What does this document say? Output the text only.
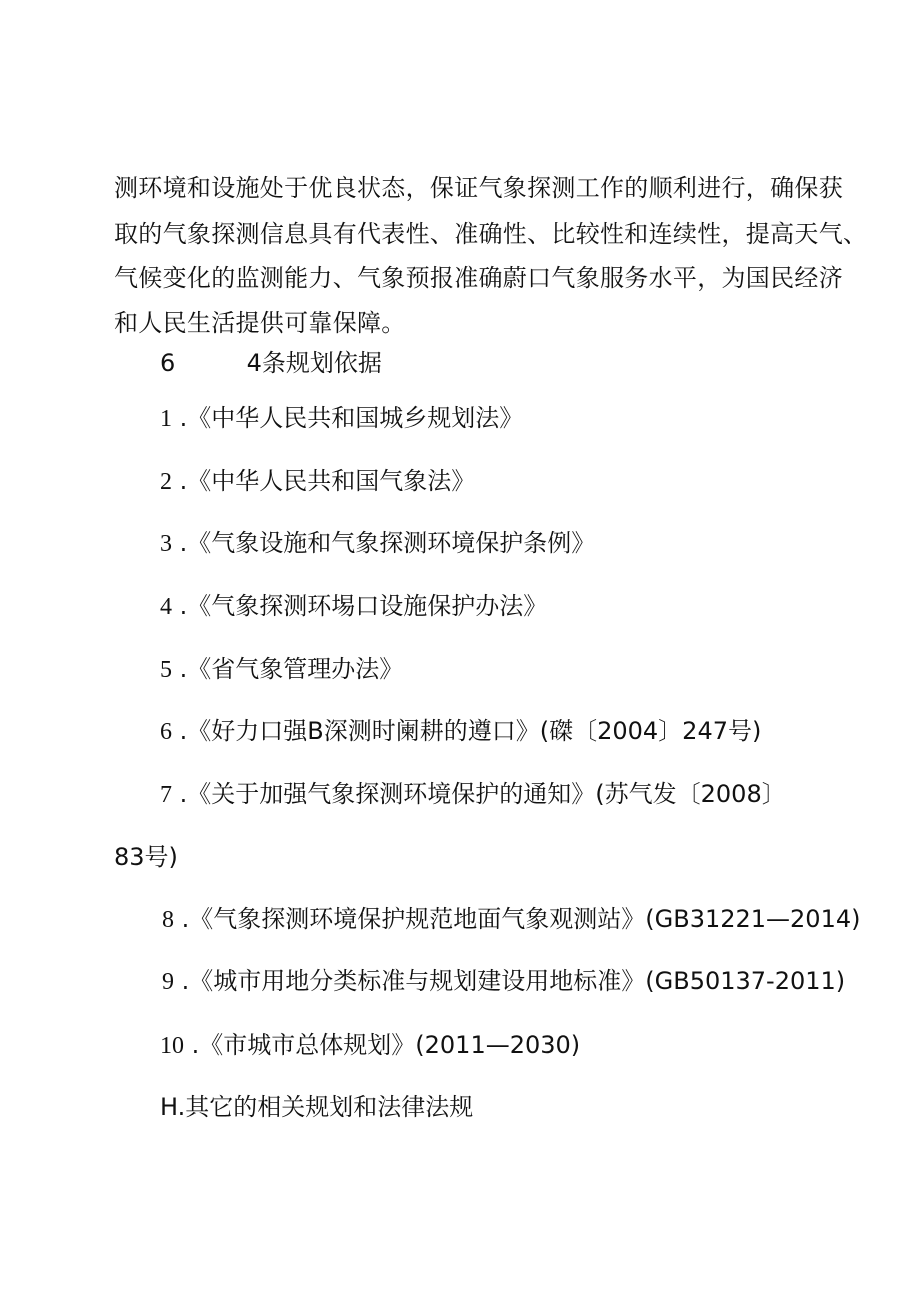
测环境和设施处于优良状态，保证气象探测工作的顺利进行，确保获
取的气象探测信息具有代表性、准确性、比较性和连续性，提高天气、
气候变化的监测能力、气象预报准确蔚口气象服务水平，为国民经济
和人民生活提供可靠保障。
6	4条规划依据
1 .《中华人民共和国城乡规划法》
2 .《中华人民共和国气象法》
3 .《气象设施和气象探测环境保护条例》
4 .《气象探测环埸口设施保护办法》
5 .《省气象管理办法》
6 .《好力口强B深测时阑耕的遵口》(磔〔2004〕247号)
7 .《关于加强气象探测环境保护的通知》(苏气发〔2008〕
83号)
8 .《气象探测环境保护规范地面气象观测站》(GB31221—2014)
9 .《城市用地分类标准与规划建设用地标准》(GB50137-2011)
10 .《市城市总体规划》(2011—2030)
H.其它的相关规划和法律法规
